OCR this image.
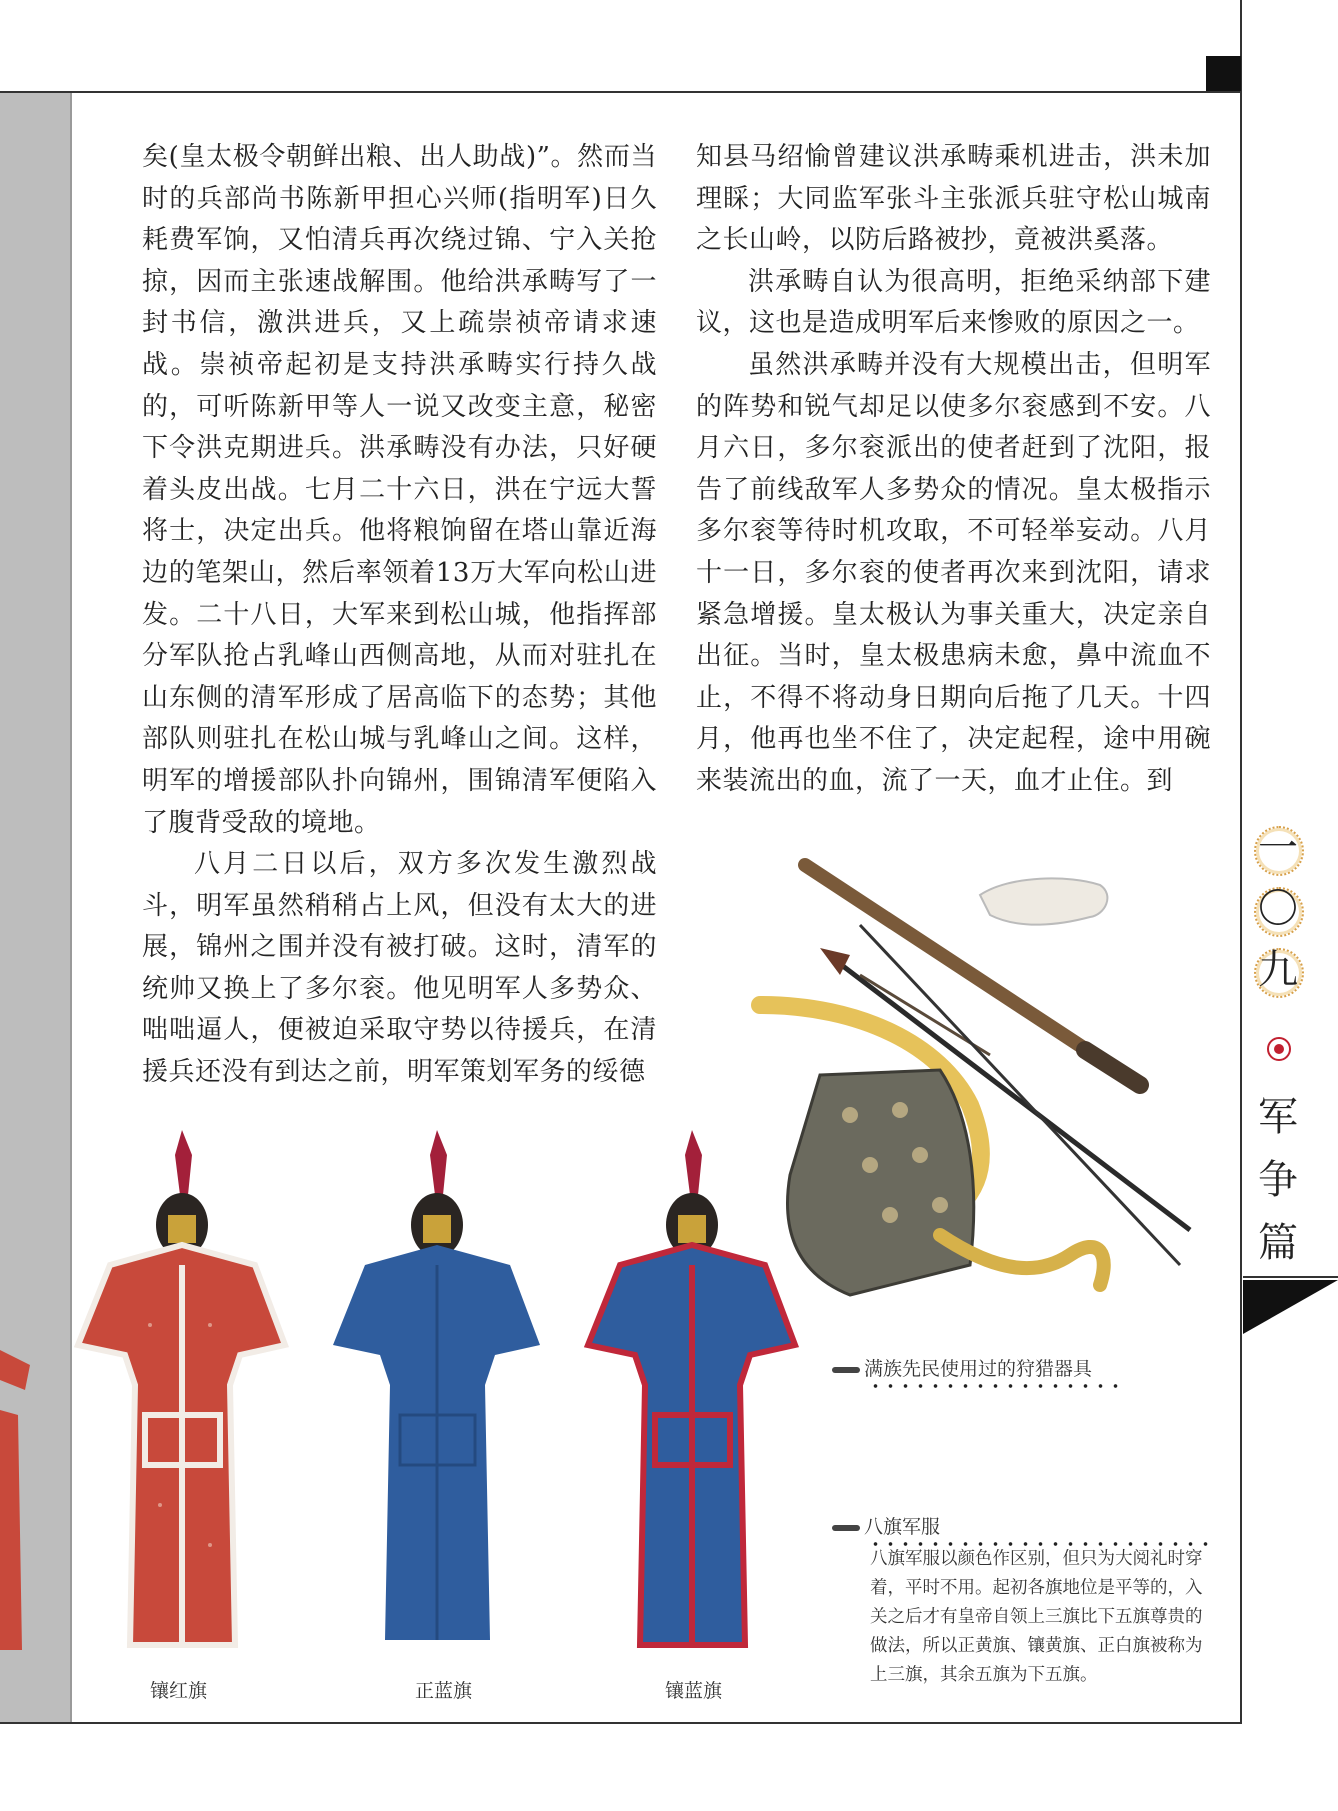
矣(皇太极令朝鲜出粮、出人助战)”。然而当时的兵部尚书陈新甲担心兴师(指明军)日久耗费军饷，又怕清兵再次绕过锦、宁入关抢掠，因而主张速战解围。他给洪承畴写了一封书信，激洪进兵，又上疏崇祯帝请求速战。崇祯帝起初是支持洪承畴实行持久战的，可听陈新甲等人一说又改变主意，秘密下令洪克期进兵。洪承畴没有办法，只好硬着头皮出战。七月二十六日，洪在宁远大誓将士，决定出兵。他将粮饷留在塔山靠近海边的笔架山，然后率领着13万大军向松山进发。二十八日，大军来到松山城，他指挥部分军队抢占乳峰山西侧高地，从而对驻扎在山东侧的清军形成了居高临下的态势；其他部队则驻扎在松山城与乳峰山之间。这样，明军的增援部队扑向锦州，围锦清军便陷入了腹背受敌的境地。

八月二日以后，双方多次发生激烈战斗，明军虽然稍稍占上风，但没有太大的进展，锦州之围并没有被打破。这时，清军的统帅又换上了多尔衮。他见明军人多势众、咄咄逼人，便被迫采取守势以待援兵，在清援兵还没有到达之前，明军策划军务的绥德

知县马绍愉曾建议洪承畴乘机进击，洪未加理睬；大同监军张斗主张派兵驻守松山城南之长山岭，以防后路被抄，竟被洪奚落。

洪承畴自认为很高明，拒绝采纳部下建议，这也是造成明军后来惨败的原因之一。

虽然洪承畴并没有大规模出击，但明军的阵势和锐气却足以使多尔衮感到不安。八月六日，多尔衮派出的使者赶到了沈阳，报告了前线敌军人多势众的情况。皇太极指示多尔衮等待时机攻取，不可轻举妄动。八月十一日，多尔衮的使者再次来到沈阳，请求紧急增援。皇太极认为事关重大，决定亲自出征。当时，皇太极患病未愈，鼻中流血不止，不得不将动身日期向后拖了几天。十四月，他再也坐不住了，决定起程，途中用碗来装流出的血，流了一天，血才止住。到

一
〇
九
军
争
篇
满族先民使用过的狩猎器具
八旗军服
八旗军服以颜色作区别，但只为大阅礼时穿着，平时不用。起初各旗地位是平等的，入关之后才有皇帝自领上三旗比下五旗尊贵的做法，所以正黄旗、镶黄旗、正白旗被称为上三旗，其余五旗为下五旗。
镶红旗	正蓝旗	镶蓝旗
